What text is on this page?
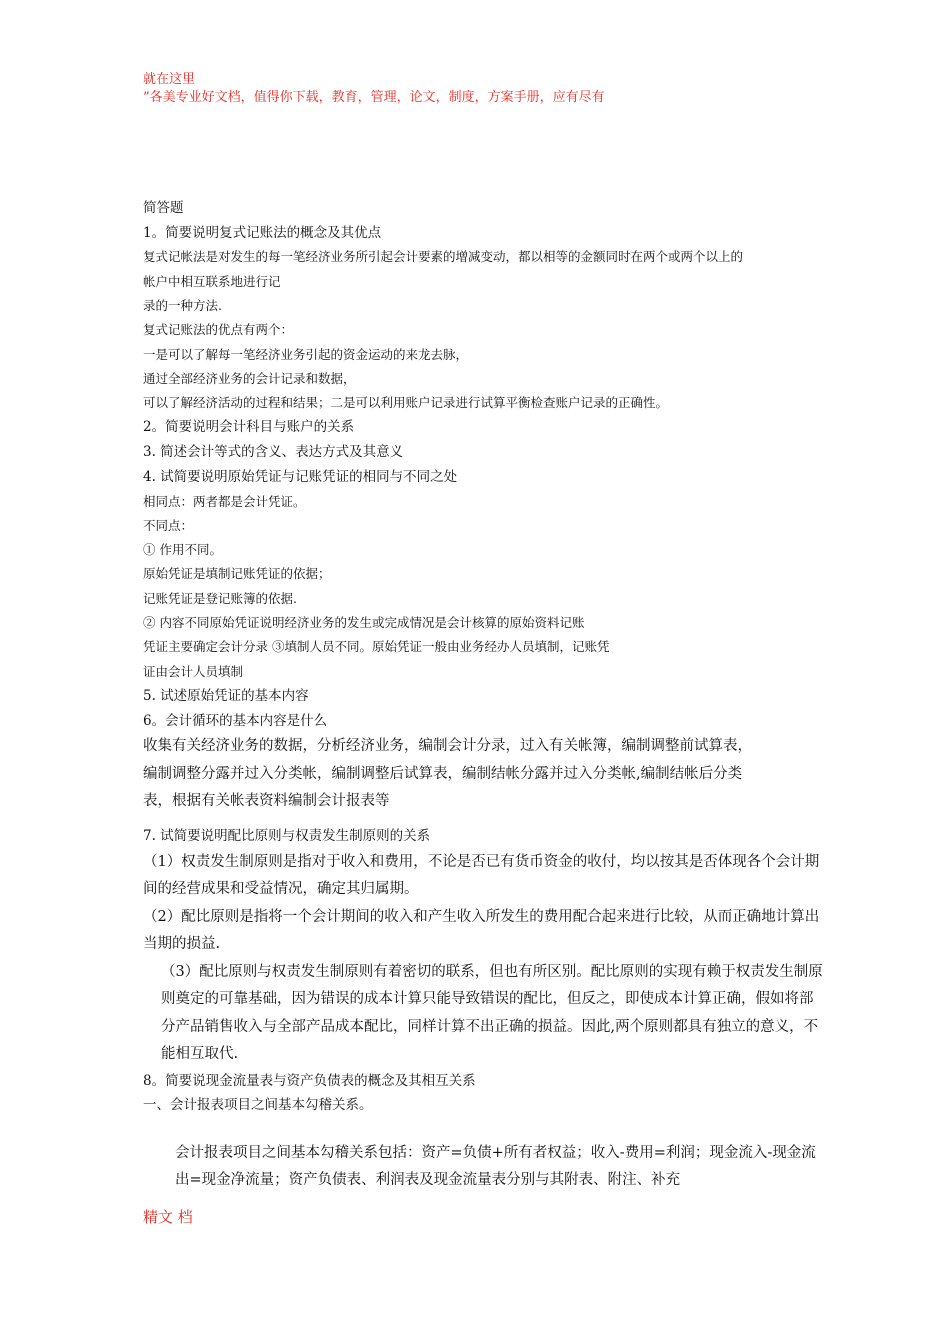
就在这里
”各美专业好文档，值得你下载，教育，管理，论文，制度，方案手册，应有尽有
简答题
1。简要说明复式记账法的概念及其优点
复式记帐法是对发生的每一笔经济业务所引起会计要素的增减变动，都以相等的金额同时在两个或两个以上的
帐户中相互联系地进行记
录的一种方法.
复式记账法的优点有两个：
一是可以了解每一笔经济业务引起的资金运动的来龙去脉，
通过全部经济业务的会计记录和数据，
可以了解经济活动的过程和结果；二是可以利用账户记录进行试算平衡检查账户记录的正确性。
2。简要说明会计科目与账户的关系
3. 简述会计等式的含义、表达方式及其意义
4. 试简要说明原始凭证与记账凭证的相同与不同之处
相同点：两者都是会计凭证。
不同点：
① 作用不同。
原始凭证是填制记账凭证的依据；
记账凭证是登记账簿的依据.
② 内容不同原始凭证说明经济业务的发生或完成情况是会计核算的原始资料记账
凭证主要确定会计分录 ③填制人员不同。原始凭证一般由业务经办人员填制，记账凭
证由会计人员填制
5. 试述原始凭证的基本内容
6。会计循环的基本内容是什么
收集有关经济业务的数据，分析经济业务，编制会计分录，过入有关帐簿，编制调整前试算表，
编制调整分露并过入分类帐，编制调整后试算表，编制结帐分露并过入分类帐,编制结帐后分类
表，根据有关帐表资料编制会计报表等
7. 试简要说明配比原则与权责发生制原则的关系
（1）权责发生制原则是指对于收入和费用，不论是否已有货币资金的收付，均以按其是否体现各个会计期间的经营成果和受益情况，确定其归属期。
（2）配比原则是指将一个会计期间的收入和产生收入所发生的费用配合起来进行比较，从而正确地计算出当期的损益.
（3）配比原则与权责发生制原则有着密切的联系，但也有所区别。配比原则的实现有赖于权责发生制原则奠定的可靠基础，因为错误的成本计算只能导致错误的配比，但反之，即使成本计算正确，假如将部分产品销售收入与全部产品成本配比，同样计算不出正确的损益。因此,两个原则都具有独立的意义，不能相互取代.
8。简要说现金流量表与资产负债表的概念及其相互关系
一、会计报表项目之间基本勾稽关系。
会计报表项目之间基本勾稽关系包括：资产=负债+所有者权益；收入-费用=利润；现金流入-现金流出=现金净流量；资产负债表、利润表及现金流量表分别与其附表、附注、补充
精文 档
